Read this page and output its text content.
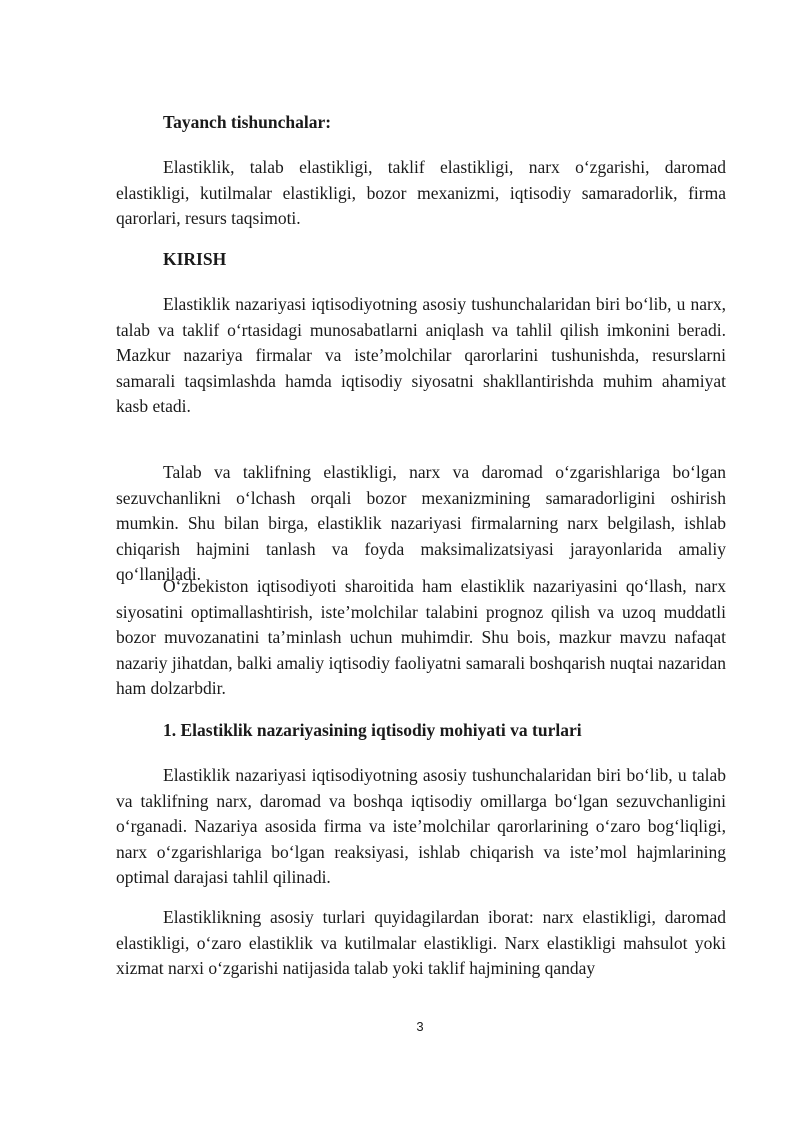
Tayanch tishunchalar:

Elastiklik, talab elastikligi, taklif elastikligi, narx o‘zgarishi, daromad elastikligi, kutilmalar elastikligi, bozor mexanizmi, iqtisodiy samaradorlik, firma qarorlari, resurs taqsimoti.

KIRISH

Elastiklik nazariyasi iqtisodiyotning asosiy tushunchalaridan biri bo‘lib, u narx, talab va taklif o‘rtasidagi munosabatlarni aniqlash va tahlil qilish imkonini beradi. Mazkur nazariya firmalar va iste’molchilar qarorlarini tushunishda, resurslarni samarali taqsimlashda hamda iqtisodiy siyosatni shakllantirishda muhim ahamiyat kasb etadi.

Talab va taklifning elastikligi, narx va daromad o‘zgarishlariga bo‘lgan sezuvchanlikni o‘lchash orqali bozor mexanizmining samaradorligini oshirish mumkin. Shu bilan birga, elastiklik nazariyasi firmalarning narx belgilash, ishlab chiqarish hajmini tanlash va foyda maksimalizatsiyasi jarayonlarida amaliy qo‘llaniladi.

O‘zbekiston iqtisodiyoti sharoitida ham elastiklik nazariyasini qo‘llash, narx siyosatini optimallashtirish, iste’molchilar talabini prognoz qilish va uzoq muddatli bozor muvozanatini ta’minlash uchun muhimdir. Shu bois, mazkur mavzu nafaqat nazariy jihatdan, balki amaliy iqtisodiy faoliyatni samarali boshqarish nuqtai nazaridan ham dolzarbdir.

1. Elastiklik nazariyasining iqtisodiy mohiyati va turlari

Elastiklik nazariyasi iqtisodiyotning asosiy tushunchalaridan biri bo‘lib, u talab va taklifning narx, daromad va boshqa iqtisodiy omillarga bo‘lgan sezuvchanligini o‘rganadi. Nazariya asosida firma va iste’molchilar qarorlarining o‘zaro bog‘liqligi, narx o‘zgarishlariga bo‘lgan reaksiyasi, ishlab chiqarish va iste’mol hajmlarining optimal darajasi tahlil qilinadi.

Elastiklikning asosiy turlari quyidagilardan iborat: narx elastikligi, daromad elastikligi, o‘zaro elastiklik va kutilmalar elastikligi. Narx elastikligi mahsulot yoki xizmat narxi o‘zgarishi natijasida talab yoki taklif hajmining qanday

3
